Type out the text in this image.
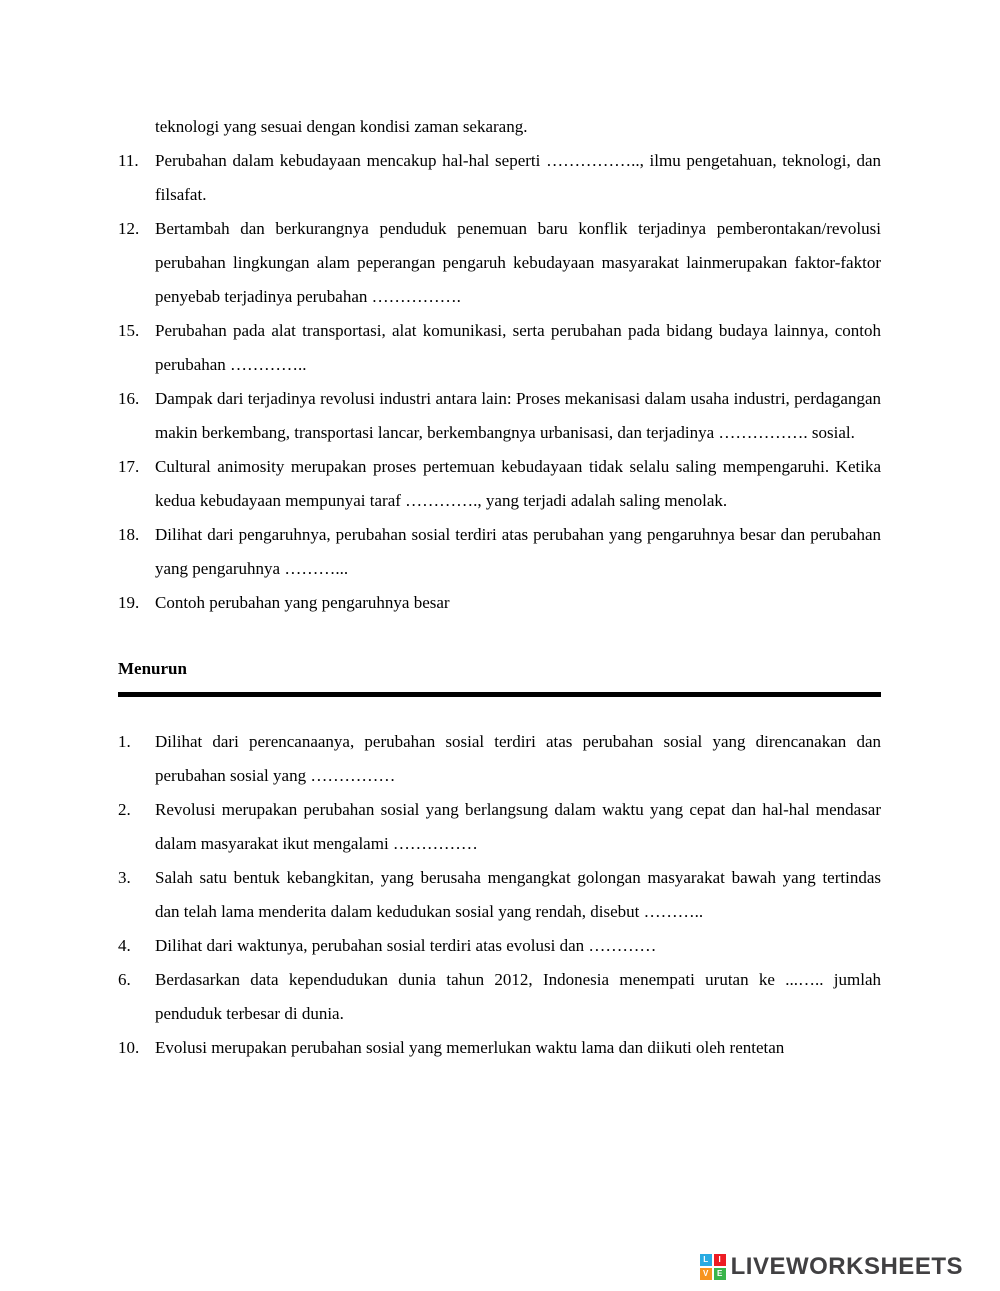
teknologi yang sesuai dengan kondisi zaman sekarang.
11. Perubahan dalam kebudayaan mencakup hal-hal seperti …………….., ilmu pengetahuan, teknologi, dan filsafat.
12. Bertambah dan berkurangnya penduduk penemuan baru konflik terjadinya pemberontakan/revolusi perubahan lingkungan alam peperangan pengaruh kebudayaan masyarakat lainmerupakan faktor-faktor penyebab terjadinya perubahan …………….
15. Perubahan pada alat transportasi, alat komunikasi, serta perubahan pada bidang budaya lainnya, contoh perubahan …………..
16. Dampak dari terjadinya revolusi industri antara lain: Proses mekanisasi dalam usaha industri, perdagangan makin berkembang, transportasi lancar, berkembangnya urbanisasi, dan terjadinya ……………. sosial.
17. Cultural animosity merupakan proses pertemuan kebudayaan tidak selalu saling mempengaruhi. Ketika kedua kebudayaan mempunyai taraf …………., yang terjadi adalah saling menolak.
18. Dilihat dari pengaruhnya, perubahan sosial terdiri atas perubahan yang pengaruhnya besar dan perubahan yang pengaruhnya ………...
19. Contoh perubahan yang pengaruhnya besar
Menurun
1.	Dilihat dari perencanaanya, perubahan sosial terdiri atas perubahan sosial yang direncanakan dan perubahan sosial yang ……………
2.	Revolusi merupakan perubahan sosial yang berlangsung dalam waktu yang cepat dan hal-hal mendasar dalam masyarakat ikut mengalami ……………
3.	Salah satu bentuk kebangkitan, yang berusaha mengangkat golongan masyarakat bawah yang tertindas dan telah lama menderita dalam kedudukan sosial yang rendah, disebut ………..
4.	Dilihat dari waktunya, perubahan sosial terdiri atas evolusi dan …………
6.	Berdasarkan data kependudukan dunia tahun 2012, Indonesia menempati urutan ke ...….. jumlah penduduk terbesar di dunia.
10. Evolusi merupakan perubahan sosial yang memerlukan waktu lama dan diikuti oleh rentetan
L	I
V	E LIVEWORKSHEETS
